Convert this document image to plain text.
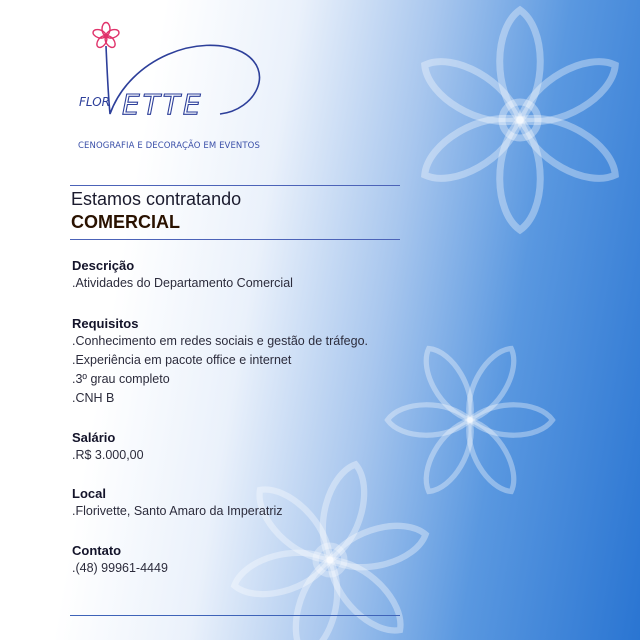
FLOR ETTE
CENOGRAFIA E DECORAÇÃO EM EVENTOS
Estamos contratando
COMERCIAL
Descrição
.Atividades do Departamento Comercial
Requisitos
.Conhecimento em redes sociais e gestão de tráfego.
.Experiência em pacote office e internet
.3º grau completo
.CNH B
Salário
.R$ 3.000,00
Local
.Florivette, Santo Amaro da Imperatriz
Contato
.(48) 99961-4449
